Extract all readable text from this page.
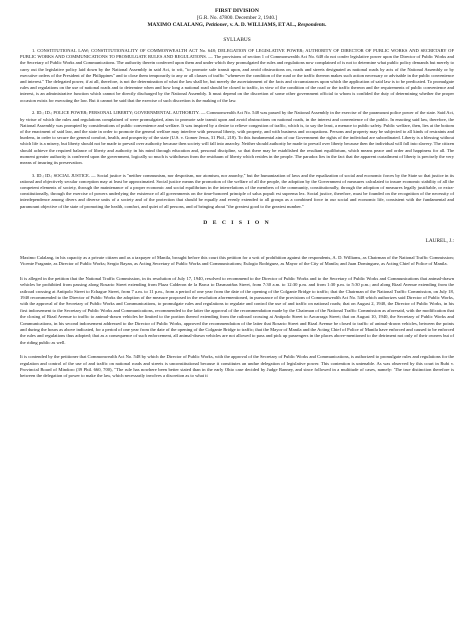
FIRST DIVISION
[G.R. No. 47800. December 2, 1940.]
MAXIMO CALALANG, Petitioner, v. A. D. WILLIAMS, ET AL., Respondents.
SYLLABUS
1. CONSTITUTIONAL LAW; CONSTITUTIONALITY OF COMMONWEALTH ACT No. 648; DELEGATION OF LEGISLATIVE POWER; AUTHORITY OF DIRECTOR OF PUBLIC WORKS AND SECRETARY OF PUBLIC WORKS AND COMMUNICATIONS TO PROMULGATE RULES AND REGULATIONS. — The provisions of section 1 of Commonwealth Act No. 648 do not confer legislative power upon the Director of Public Works and the Secretary of Public Works and Communications. The authority therein conferred upon them and under which they promulgated the rules and regulations now complained of is not to determine what public policy demands but merely to carry out the legislative policy laid down by the National Assembly in said Act, to wit, "to promote safe transit upon, and avoid obstructions on, roads and streets designated as national roads by acts of the National Assembly or by executive orders of the President of the Philippines" and to close them temporarily to any or all classes of traffic "whenever the condition of the road or the traffic thereon makes such action necessary or advisable in the public convenience and interest." The delegated power, if at all, therefore, is not the determination of what the law shall be, but merely the ascertainment of the facts and circumstances upon which the application of said law is to be predicated. To promulgate rules and regulations on the use of national roads and to determine when and how long a national road should be closed to traffic, in view of the condition of the road or the traffic thereon and the requirements of public convenience and interest, is an administrative function which cannot be directly discharged by the National Assembly. It must depend on the discretion of some other government official to whom is confided the duty of determining whether the proper occasion exists for executing the law. But it cannot be said that the exercise of such discretion is the making of the law.
2. ID.; ID.; POLICE POWER; PERSONAL LIBERTY; GOVERNMENTAL AUTHORITY. — Commonwealth Act No. 548 was passed by the National Assembly in the exercise of the paramount police power of the state. Said Act, by virtue of which the rules and regulations complained of were promulgated, aims to promote safe transit upon and avoid obstructions on national roads, in the interest and convenience of the public. In enacting said law, therefore, the National Assembly was prompted by considerations of public convenience and welfare. It was inspired by a desire to relieve congestion of traffic, which is, to say the least, a menace to public safety. Public welfare, then, lies at the bottom of the enactment of said law, and the state in order to promote the general welfare may interfere with personal liberty, with property, and with business and occupations. Persons and property may be subjected to all kinds of restraints and burdens, in order to secure the general comfort, health, and prosperity of the state (U.S. v. Gomer Jesus, 31 Phil., 218). To this fundamental aim of our Government the rights of the individual are subordinated. Liberty is a blessing without which life is a misery, but liberty should not be made to prevail over authority because then society will fall into anarchy. Neither should authority be made to prevail over liberty because then the individual will fall into slavery. The citizen should achieve the required balance of liberty and authority in his mind through education and, personal discipline, so that there may be established the resultant equilibrium, which means peace and order and happiness for all. The moment greater authority is conferred upon the government, logically so much is withdrawn from the residuum of liberty which resides in the people. The paradox lies in the fact that the apparent curtailment of liberty is precisely the very means of insuring its preservation.
3. ID.; ID.; SOCIAL JUSTICE. — Social justice is "neither communism, nor despotism, nor atomism, nor anarchy," but the humanization of laws and the equalization of social and economic forces by the State so that justice in its rational and objectively secular conception may at least be approximated. Social justice means the promotion of the welfare of all the people, the adoption by the Government of measures calculated to insure economic stability of all the competent elements of society, through the maintenance of a proper economic and social equilibrium in the interrelations of the members of the community, constitutionally, through the adoption of measures legally justifiable, or extra-constitutionally, through the exercise of powers underlying the existence of all governments on the time-honored principle of salus populi est suprema lex. Social justice, therefore, must be founded on the recognition of the necessity of interdependence among divers and diverse units of a society and of the protection that should be equally and evenly extended to all groups as a combined force in our social and economic life, consistent with the fundamental and paramount objective of the state of promoting the health, comfort, and quiet of all persons, and of bringing about "the greatest good to the greatest number."
D E C I S I O N
LAUREL, J.:
Maximo Calalang, in his capacity as a private citizen and as a taxpayer of Manila, brought before this court this petition for a writ of prohibition against the respondents, A. D. Williams, as Chairman of the National Traffic Commission; Vicente Fragante, as Director of Public Works; Sergio Bayan, as Acting Secretary of Public Works and Communications; Eulogio Rodriguez, as Mayor of the City of Manila; and Juan Dominguez, as Acting Chief of Police of Manila.
It is alleged in the petition that the National Traffic Commission, in its resolution of July 17, 1940, resolved to recommend to the Director of Public Works and to the Secretary of Public Works and Communications that animal-drawn vehicles be prohibited from passing along Rosario Street extending from Plaza Calderon de la Barca to Dasmariñas Street, from 7:30 a.m. to 12:30 p.m. and from 1:30 p.m. to 5:30 p.m.; and along Rizal Avenue extending from the railroad crossing at Antipolo Street to Echague Street, from 7 a.m. to 11 p.m., from a period of one year from the date of the opening of the Colgante Bridge to traffic; that the Chairman of the National Traffic Commission, on July 18, 1940 recommended to the Director of Public Works the adoption of the measure proposed in the resolution aforementioned, in pursuance of the provisions of Commonwealth Act No. 548 which authorizes said Director of Public Works, with the approval of the Secretary of Public Works and Communications, to promulgate rules and regulations to regulate and control the use of and traffic on national roads; that on August 2, 1940, the Director of Public Works, in his first indorsement to the Secretary of Public Works and Communications, recommended to the latter the approval of the recommendation made by the Chairman of the National Traffic Commission as aforesaid, with the modification that the closing of Rizal Avenue to traffic to animal-drawn vehicles be limited to the portion thereof extending from the railroad crossing at Antipolo Street to Azcarraga Street; that on August 10, 1940, the Secretary of Public Works and Communications, in his second indorsement addressed to the Director of Public Works, approved the recommendation of the latter that Rosario Street and Rizal Avenue be closed to traffic of animal-drawn vehicles, between the points and during the hours as above indicated, for a period of one year from the date of the opening of the Colgante Bridge to traffic; that the Mayor of Manila and the Acting Chief of Police of Manila have enforced and caused to be enforced the rules and regulations thus adopted; that as a consequence of such enforcement, all animal-drawn vehicles are not allowed to pass and pick up passengers in the places above-mentioned to the detriment not only of their owners but of the riding public as well.
It is contended by the petitioner that Commonwealth Act No. 548 by which the Director of Public Works, with the approval of the Secretary of Public Works and Communications, is authorized to promulgate rules and regulations for the regulation and control of the use of and traffic on national roads and streets is unconstitutional because it constitutes an undue delegation of legislative power. This contention is untenable. As was observed by this court in Rubi v. Provincial Board of Mindoro (39 Phil. 660, 700), "The rule has nowhere been better stated than in the early Ohio case decided by Judge Ranney, and since followed in a multitude of cases, namely: 'The true distinction therefore is between the delegation of power to make the law, which necessarily involves a discretion as to what it
